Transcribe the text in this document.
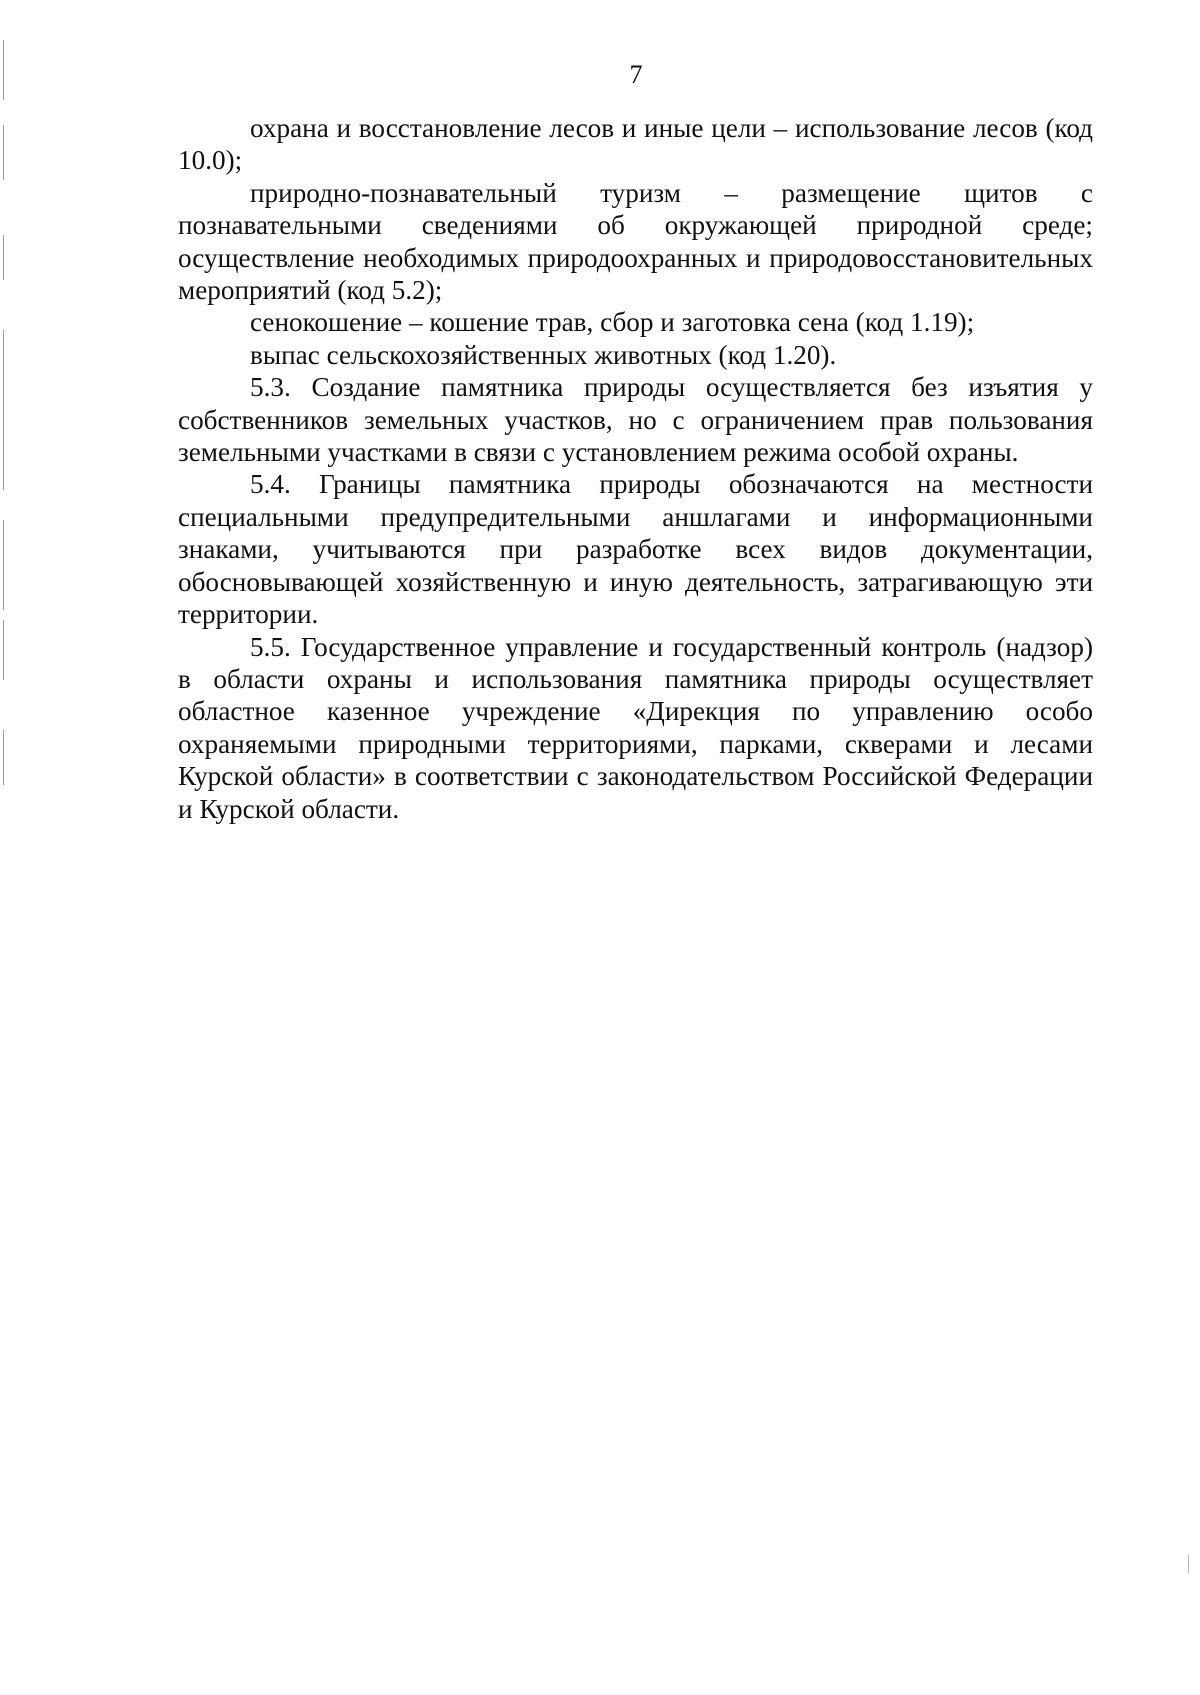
7

охрана и восстановление лесов и иные цели – использование лесов (код 10.0);

природно-познавательный туризм – размещение щитов с познавательными сведениями об окружающей природной среде; осуществление необходимых природоохранных и природовосстановительных мероприятий (код 5.2);

сенокошение – кошение трав, сбор и заготовка сена (код 1.19);

выпас сельскохозяйственных животных (код 1.20).

5.3. Создание памятника природы осуществляется без изъятия у собственников земельных участков, но с ограничением прав пользования земельными участками в связи с установлением режима особой охраны.

5.4. Границы памятника природы обозначаются на местности специальными предупредительными аншлагами и информационными знаками, учитываются при разработке всех видов документации, обосновывающей хозяйственную и иную деятельность, затрагивающую эти территории.

5.5. Государственное управление и государственный контроль (надзор) в области охраны и использования памятника природы осуществляет областное казенное учреждение «Дирекция по управлению особо охраняемыми природными территориями, парками, скверами и лесами Курской области» в соответствии с законодательством Российской Федерации и Курской области.
